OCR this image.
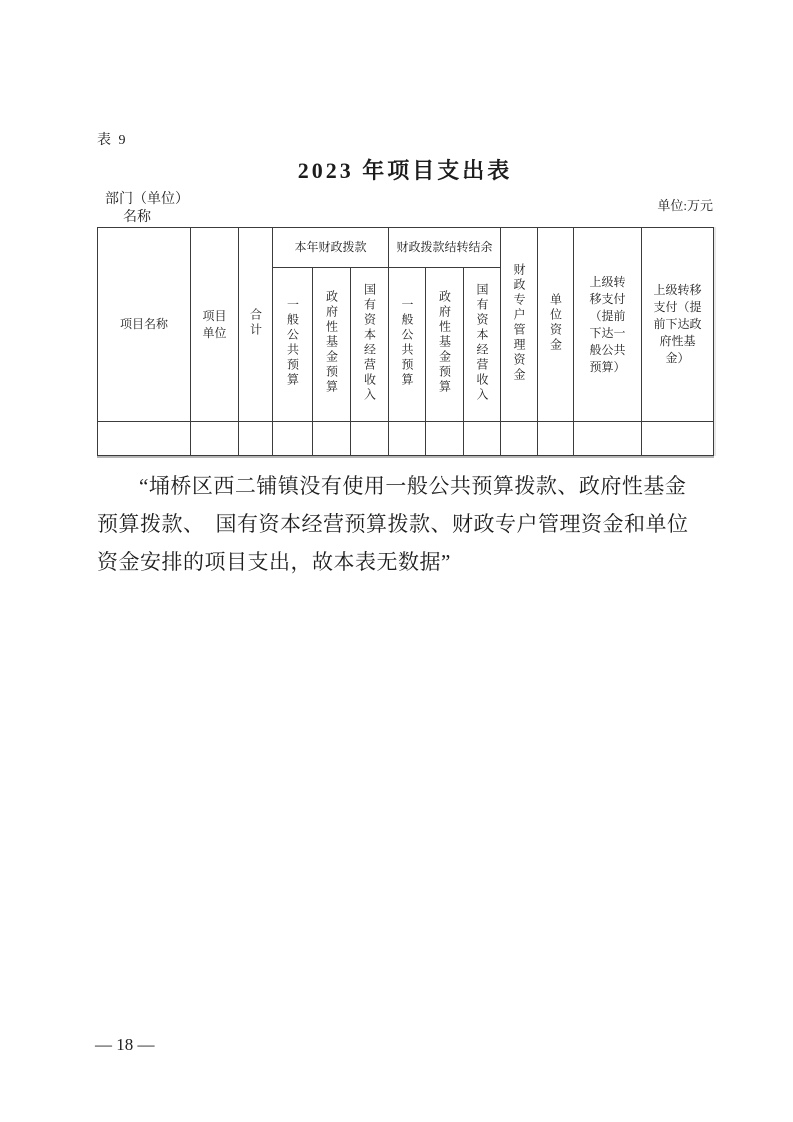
表 9
2023 年项目支出表
部门（单位）
名称
单位:万元
项目名称	项目单位	合计	本年财政拨款			财政拨款结转结余			财政专户管理资金	单位资金	上级转移支付（提前下达一般公共预算）	上级转移支付（提前下达政府性基金）
			一般公共预算	政府性基金预算	国有资本经营收入	一般公共预算	政府性基金预算	国有资本经营收入				

“埇桥区西二铺镇没有使用一般公共预算拨款、政府性基金
预算拨款、　国有资本经营预算拨款、财政专户管理资金和单位
资金安排的项目支出，故本表无数据”
— 18 —
